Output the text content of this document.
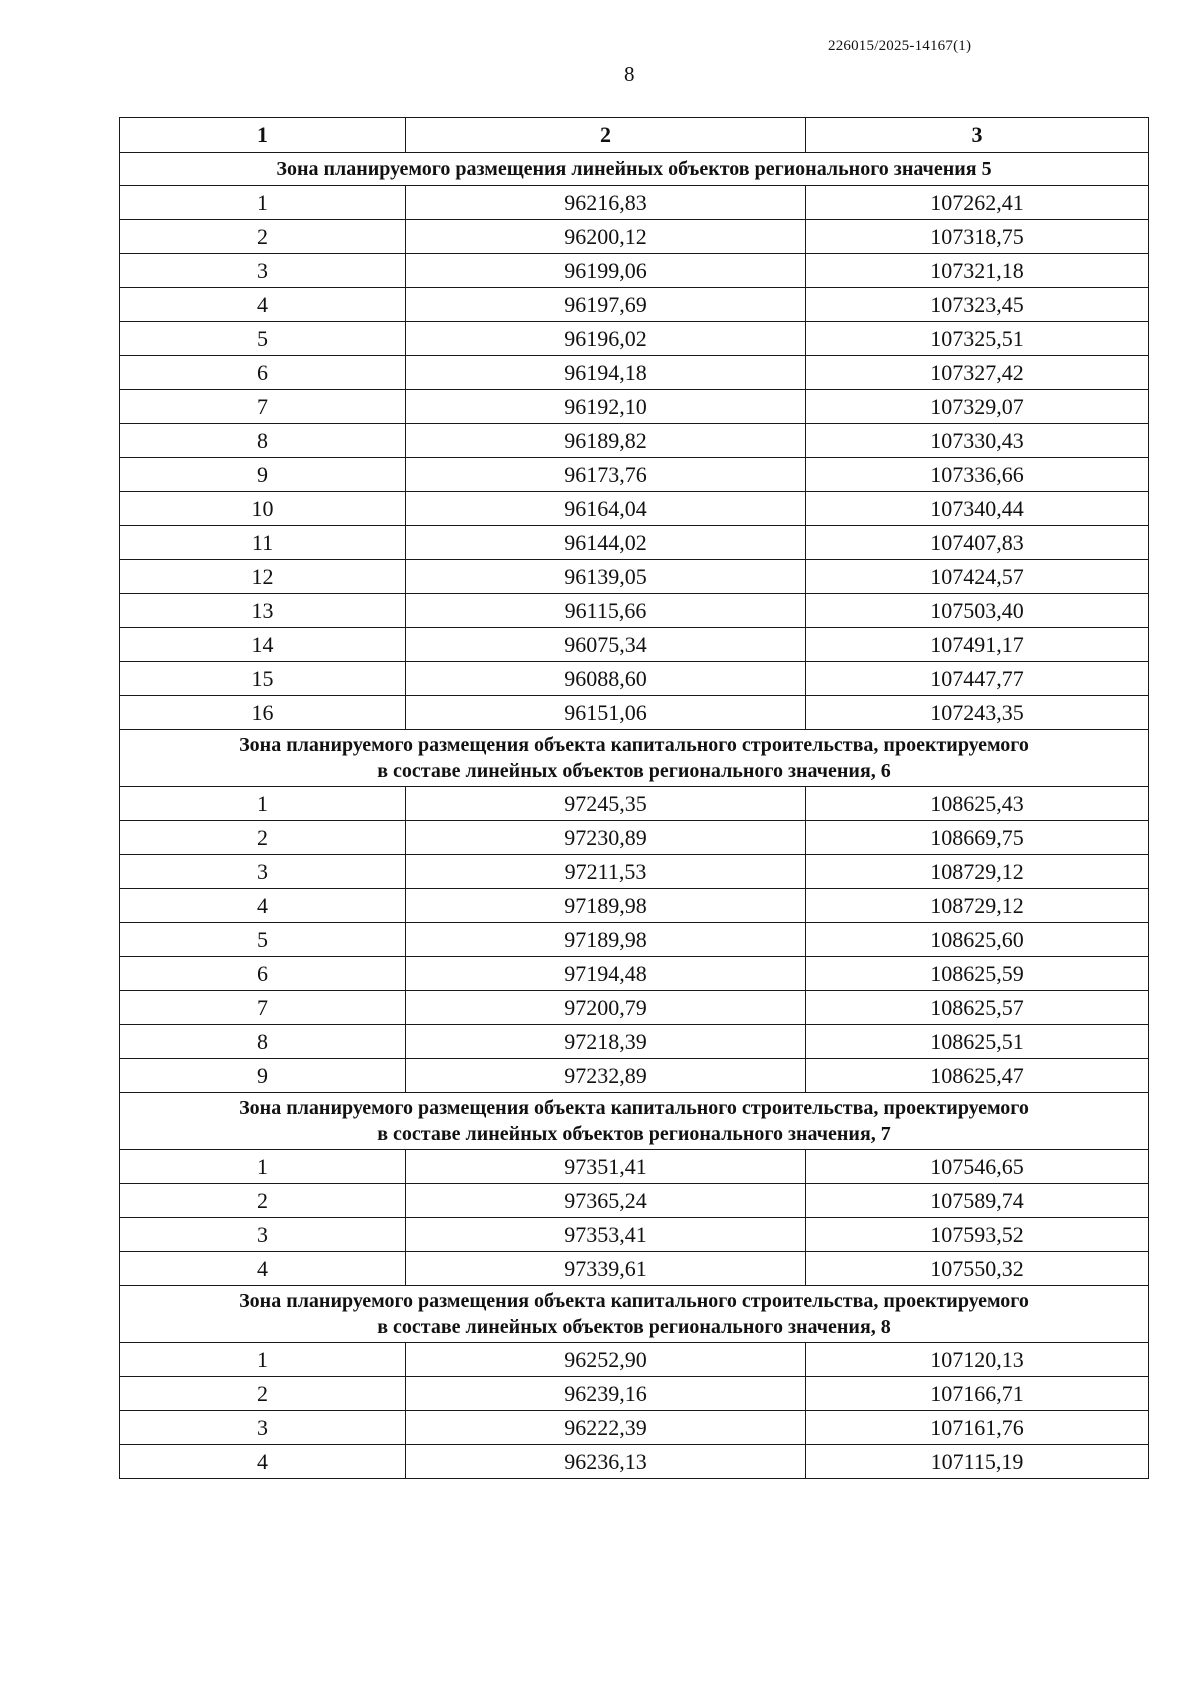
226015/2025-14167(1)
8
1	2	3

Зона планируемого размещения линейных объектов регионального значения 5		

1	96216,83	107262,41
2	96200,12	107318,75
3	96199,06	107321,18
4	96197,69	107323,45
5	96196,02	107325,51
6	96194,18	107327,42
7	96192,10	107329,07
8	96189,82	107330,43
9	96173,76	107336,66
10	96164,04	107340,44
11	96144,02	107407,83
12	96139,05	107424,57
13	96115,66	107503,40
14	96075,34	107491,17
15	96088,60	107447,77
16	96151,06	107243,35

Зона планируемого размещения объекта капитального строительства, проектируемого
в составе линейных объектов регионального значения, 6		

1	97245,35	108625,43
2	97230,89	108669,75
3	97211,53	108729,12
4	97189,98	108729,12
5	97189,98	108625,60
6	97194,48	108625,59
7	97200,79	108625,57
8	97218,39	108625,51
9	97232,89	108625,47

Зона планируемого размещения объекта капитального строительства, проектируемого
в составе линейных объектов регионального значения, 7		

1	97351,41	107546,65
2	97365,24	107589,74
3	97353,41	107593,52
4	97339,61	107550,32

Зона планируемого размещения объекта капитального строительства, проектируемого
в составе линейных объектов регионального значения, 8		

1	96252,90	107120,13
2	96239,16	107166,71
3	96222,39	107161,76
4	96236,13	107115,19
